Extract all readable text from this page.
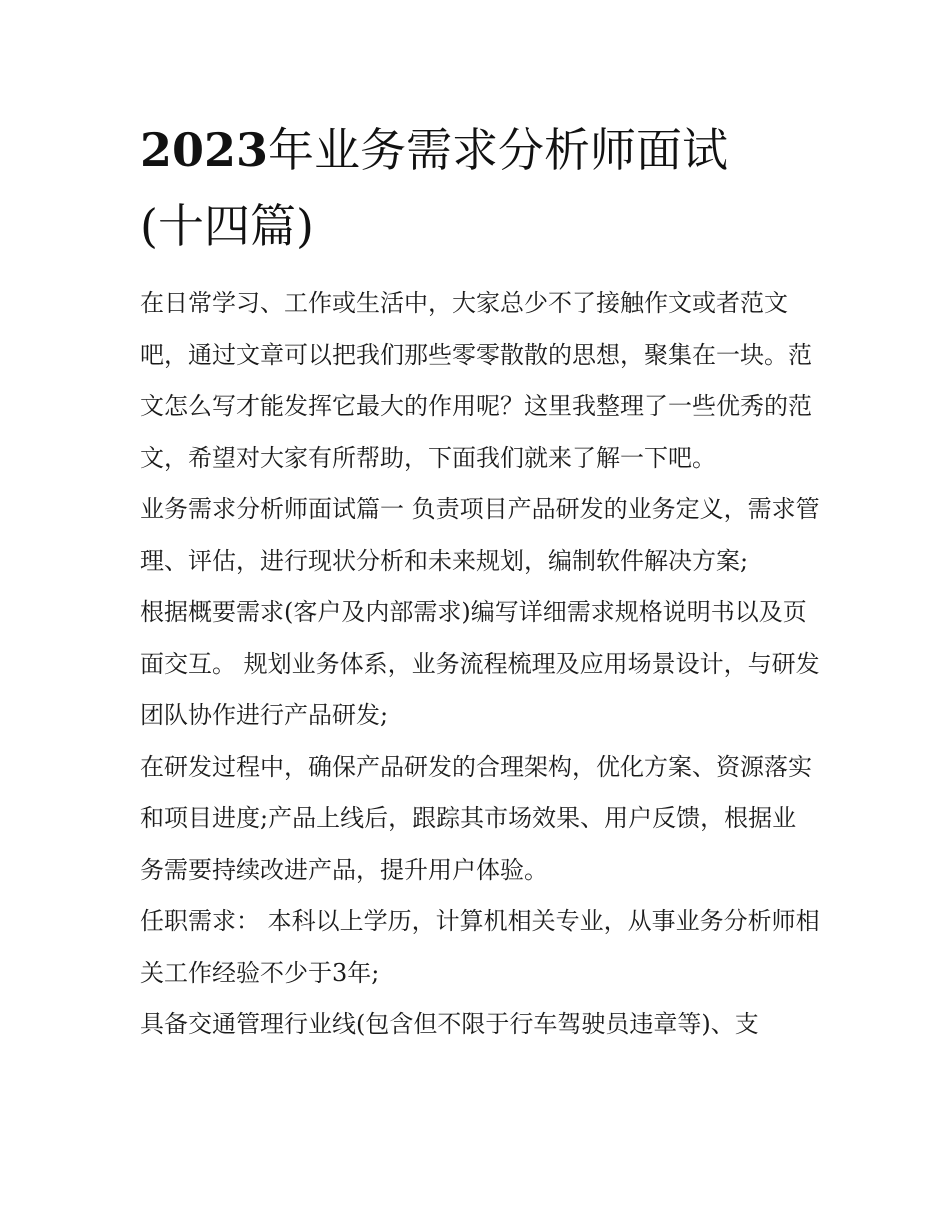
2023年业务需求分析师面试
(十四篇)

在日常学习、工作或生活中，大家总少不了接触作文或者范文吧，通过文章可以把我们那些零零散散的思想，聚集在一块。范文怎么写才能发挥它最大的作用呢？这里我整理了一些优秀的范文，希望对大家有所帮助，下面我们就来了解一下吧。

业务需求分析师面试篇一 负责项目产品研发的业务定义，需求管理、评估，进行现状分析和未来规划，编制软件解决方案;

根据概要需求(客户及内部需求)编写详细需求规格说明书以及页面交互。 规划业务体系，业务流程梳理及应用场景设计，与研发团队协作进行产品研发;

在研发过程中，确保产品研发的合理架构，优化方案、资源落实和项目进度;产品上线后，跟踪其市场效果、用户反馈，根据业务需要持续改进产品，提升用户体验。

任职需求： 本科以上学历，计算机相关专业，从事业务分析师相关工作经验不少于3年;

具备交通管理行业线(包含但不限于行车驾驶员违章等)、支
